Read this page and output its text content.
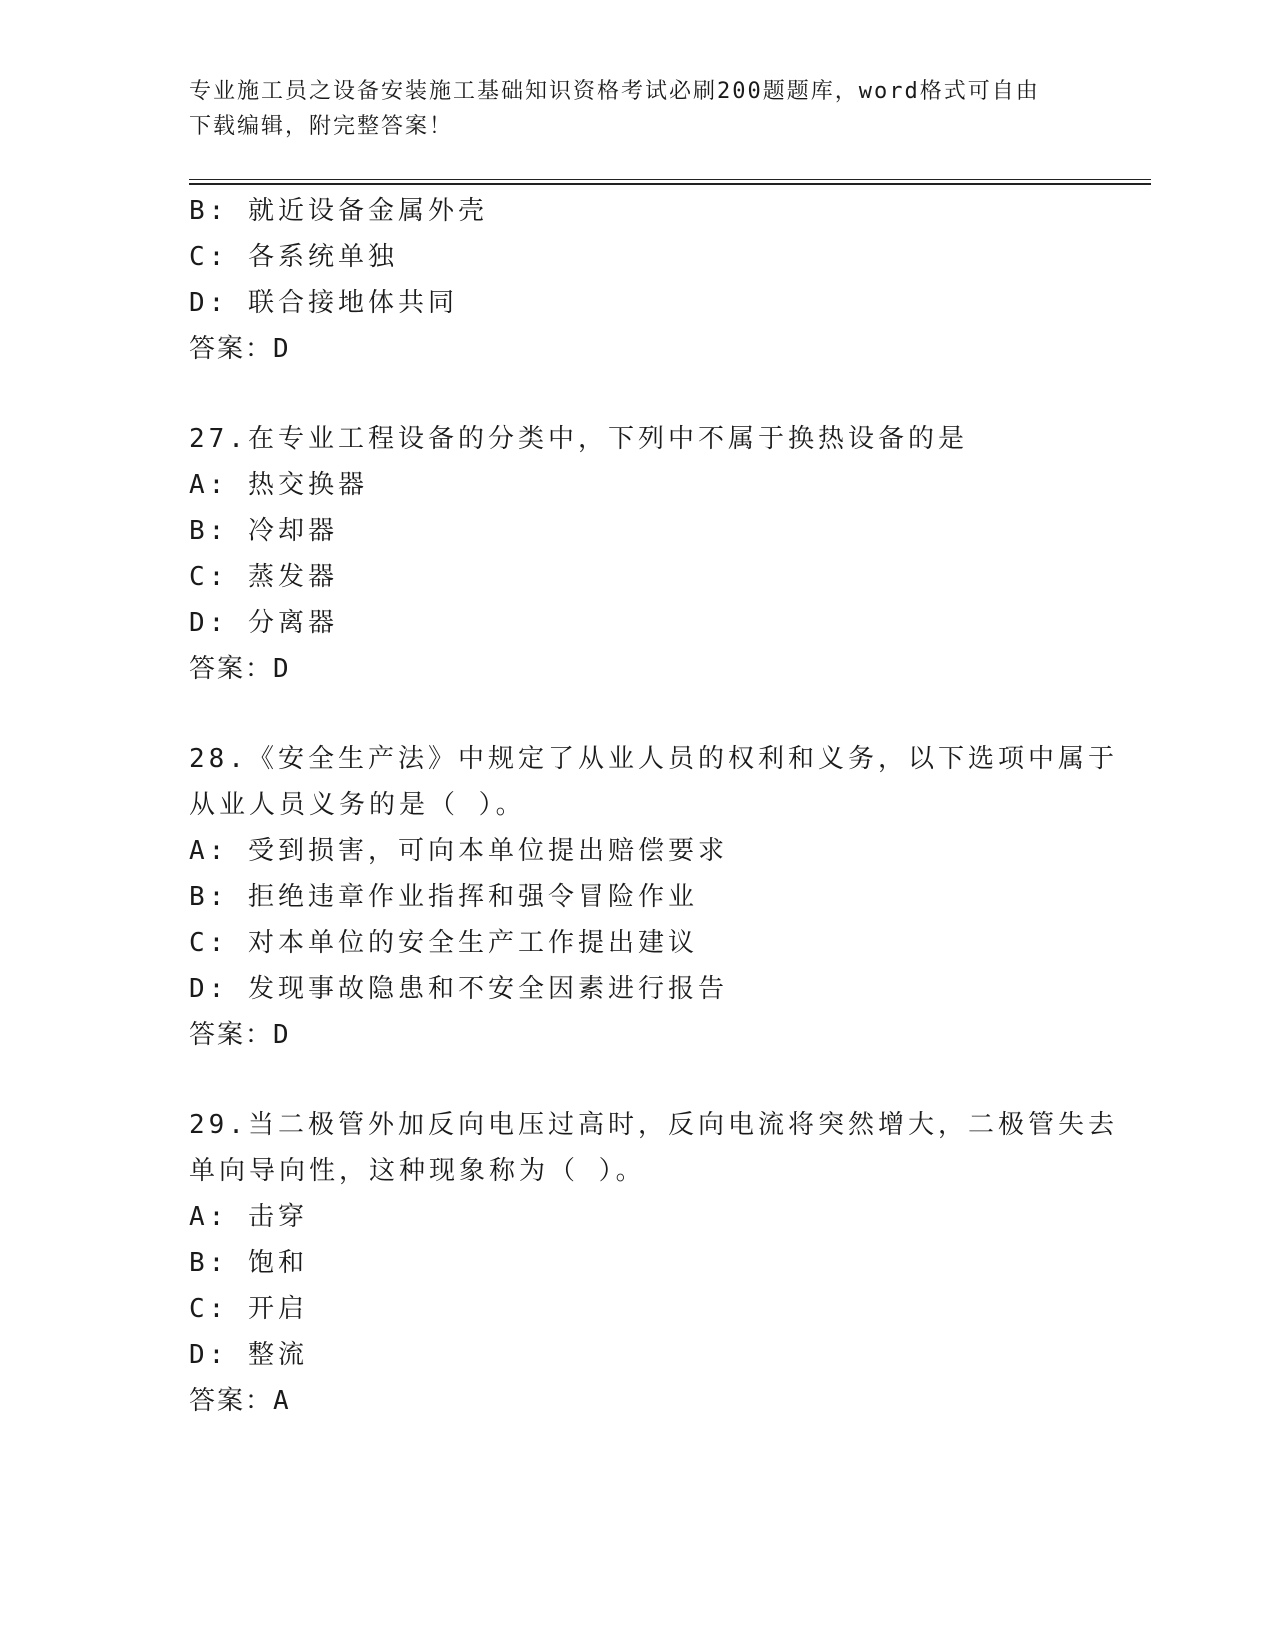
专业施工员之设备安装施工基础知识资格考试必刷200题题库，word格式可自由
下载编辑，附完整答案！
B: 就近设备金属外壳
C: 各系统单独
D: 联合接地体共同
答案：D
27.在专业工程设备的分类中，下列中不属于换热设备的是
A: 热交换器
B: 冷却器
C: 蒸发器
D: 分离器
答案：D
28.《安全生产法》中规定了从业人员的权利和义务，以下选项中属于
从业人员义务的是（ ）。
A: 受到损害，可向本单位提出赔偿要求
B: 拒绝违章作业指挥和强令冒险作业
C: 对本单位的安全生产工作提出建议
D: 发现事故隐患和不安全因素进行报告
答案：D
29.当二极管外加反向电压过高时，反向电流将突然增大，二极管失去
单向导向性，这种现象称为（ ）。
A: 击穿
B: 饱和
C: 开启
D: 整流
答案：A
